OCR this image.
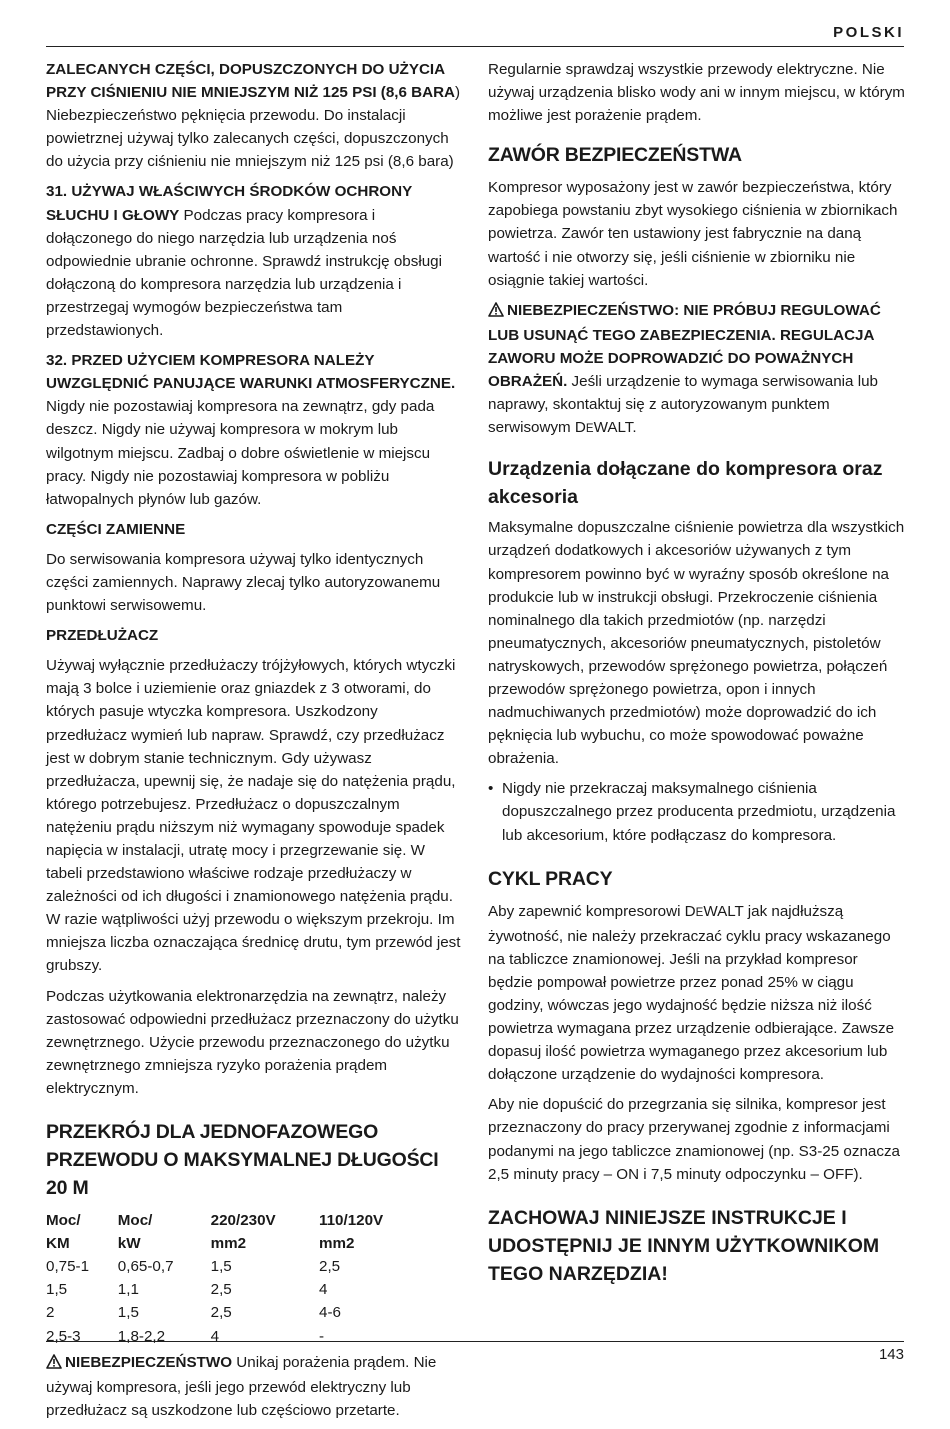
POLSKI

ZALECANYCH CZĘŚCI, DOPUSZCZONYCH DO UŻYCIA PRZY CIŚNIENIU NIE MNIEJSZYM NIŻ 125 PSI (8,6 BARA) Niebezpieczeństwo pęknięcia przewodu. Do instalacji powietrznej używaj tylko zalecanych części, dopuszczonych do użycia przy ciśnieniu nie mniejszym niż 125 psi (8,6 bara)

31. UŻYWAJ WŁAŚCIWYCH ŚRODKÓW OCHRONY SŁUCHU I GŁOWY Podczas pracy kompresora i dołączonego do niego narzędzia lub urządzenia noś odpowiednie ubranie ochronne. Sprawdź instrukcję obsługi dołączoną do kompresora narzędzia lub urządzenia i przestrzegaj wymogów bezpieczeństwa tam przedstawionych.

32. PRZED UŻYCIEM KOMPRESORA NALEŻY UWZGLĘDNIĆ PANUJĄCE WARUNKI ATMOSFERYCZNE. Nigdy nie pozostawiaj kompresora na zewnątrz, gdy pada deszcz. Nigdy nie używaj kompresora w mokrym lub wilgotnym miejscu. Zadbaj o dobre oświetlenie w miejscu pracy. Nigdy nie pozostawiaj kompresora w pobliżu łatwopalnych płynów lub gazów.

CZĘŚCI ZAMIENNE

Do serwisowania kompresora używaj tylko identycznych części zamiennych. Naprawy zlecaj tylko autoryzowanemu punktowi serwisowemu.

PRZEDŁUŻACZ

Używaj wyłącznie przedłużaczy trójżyłowych, których wtyczki mają 3 bolce i uziemienie oraz gniazdek z 3 otworami, do których pasuje wtyczka kompresora. Uszkodzony przedłużacz wymień lub napraw. Sprawdź, czy przedłużacz jest w dobrym stanie technicznym. Gdy używasz przedłużacza, upewnij się, że nadaje się do natężenia prądu, którego potrzebujesz. Przedłużacz o dopuszczalnym natężeniu prądu niższym niż wymagany spowoduje spadek napięcia w instalacji, utratę mocy i przegrzewanie się. W tabeli przedstawiono właściwe rodzaje przedłużaczy w zależności od ich długości i znamionowego natężenia prądu. W razie wątpliwości użyj przewodu o większym przekroju. Im mniejsza liczba oznaczająca średnicę drutu, tym przewód jest grubszy.

Podczas użytkowania elektronarzędzia na zewnątrz, należy zastosować odpowiedni przedłużacz przeznaczony do użytku zewnętrznego. Użycie przewodu przeznaczonego do użytku zewnętrznego zmniejsza ryzyko porażenia prądem elektrycznym.

PRZEKRÓJ DLA JEDNOFAZOWEGO PRZEWODU O MAKSYMALNEJ DŁUGOŚCI 20 M
Moc/	Moc/	220/230V	110/120V
KM	kW	mm2	mm2
0,75-1	0,65-0,7	1,5	2,5
1,5	1,1	2,5	4
2	1,5	2,5	4-6
2,5-3	1,8-2,2	4	-

NIEBEZPIECZEŃSTWO Unikaj porażenia prądem. Nie używaj kompresora, jeśli jego przewód elektryczny lub przedłużacz są uszkodzone lub częściowo przetarte.

Regularnie sprawdzaj wszystkie przewody elektryczne. Nie używaj urządzenia blisko wody ani w innym miejscu, w którym możliwe jest porażenie prądem.

ZAWÓR BEZPIECZEŃSTWA

Kompresor wyposażony jest w zawór bezpieczeństwa, który zapobiega powstaniu zbyt wysokiego ciśnienia w zbiornikach powietrza. Zawór ten ustawiony jest fabrycznie na daną wartość i nie otworzy się, jeśli ciśnienie w zbiorniku nie osiągnie takiej wartości.

NIEBEZPIECZEŃSTWO: NIE PRÓBUJ REGULOWAĆ LUB USUNĄĆ TEGO ZABEZPIECZENIA. REGULACJA ZAWORU MOŻE DOPROWADZIĆ DO POWAŻNYCH OBRAŻEŃ. Jeśli urządzenie to wymaga serwisowania lub naprawy, skontaktuj się z autoryzowanym punktem serwisowym DEWALT.

Urządzenia dołączane do kompresora oraz akcesoria

Maksymalne dopuszczalne ciśnienie powietrza dla wszystkich urządzeń dodatkowych i akcesoriów używanych z tym kompresorem powinno być w wyraźny sposób określone na produkcie lub w instrukcji obsługi. Przekroczenie ciśnienia nominalnego dla takich przedmiotów (np. narzędzi pneumatycznych, akcesoriów pneumatycznych, pistoletów natryskowych, przewodów sprężonego powietrza, połączeń przewodów sprężonego powietrza, opon i innych nadmuchiwanych przedmiotów) może doprowadzić do ich pęknięcia lub wybuchu, co może spowodować poważne obrażenia.

• Nigdy nie przekraczaj maksymalnego ciśnienia dopuszczalnego przez producenta przedmiotu, urządzenia lub akcesorium, które podłączasz do kompresora.
CYKL PRACY

Aby zapewnić kompresorowi DEWALT jak najdłuższą żywotność, nie należy przekraczać cyklu pracy wskazanego na tabliczce znamionowej. Jeśli na przykład kompresor będzie pompował powietrze przez ponad 25% w ciągu godziny, wówczas jego wydajność będzie niższa niż ilość powietrza wymagana przez urządzenie odbierające. Zawsze dopasuj ilość powietrza wymaganego przez akcesorium lub dołączone urządzenie do wydajności kompresora.

Aby nie dopuścić do przegrzania się silnika, kompresor jest przeznaczony do pracy przerywanej zgodnie z informacjami podanymi na jego tabliczce znamionowej (np. S3-25 oznacza 2,5 minuty pracy – ON i 7,5 minuty odpoczynku – OFF).

ZACHOWAJ NINIEJSZE INSTRUKCJE I UDOSTĘPNIJ JE INNYM UŻYTKOWNIKOM TEGO NARZĘDZIA!
143
